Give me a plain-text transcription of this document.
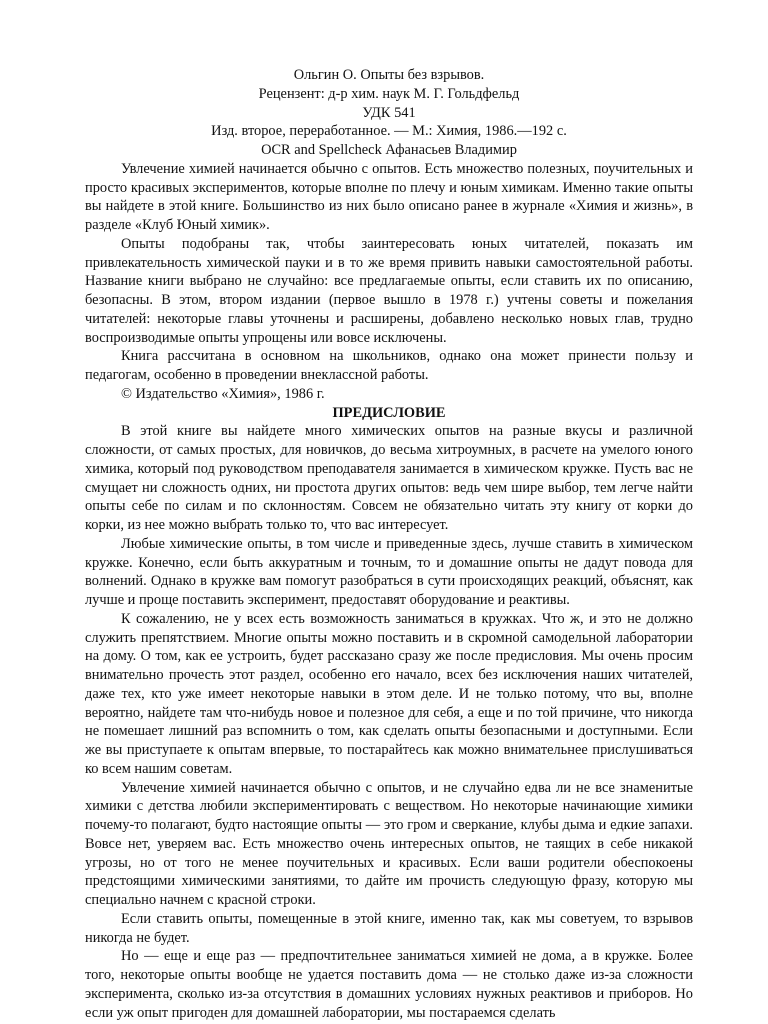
Ольгин О. Опыты без взрывов.

Рецензент: д-р хим. наук М. Г. Гольдфельд

УДК 541

Изд. второе, переработанное. — М.: Химия, 1986.—192 с.

OCR and Spellcheck Афанасьев Владимир

Увлечение химией начинается обычно с опытов. Есть множество полезных, поучительных и просто красивых экспериментов, которые вполне по плечу и юным химикам. Именно такие опыты вы найдете в этой книге. Большинство из них было описано ранее в журнале «Химия и жизнь», в разделе «Клуб Юный химик».

Опыты подобраны так, чтобы заинтересовать юных читателей, показать им привлекательность химической пауки и в то же время привить навыки самостоятельной работы. Название книги выбрано не случайно: все предлагаемые опыты, если ставить их по описанию, безопасны. В этом, втором издании (первое вышло в 1978 г.) учтены советы и пожелания читателей: некоторые главы уточнены и расширены, добавлено несколько новых глав, трудно воспроизводимые опыты упрощены или вовсе исключены.

Книга рассчитана в основном на школьников, однако она может принести пользу и педагогам, особенно в проведении внеклассной работы.

© Издательство «Химия», 1986 г.

ПРЕДИСЛОВИЕ

В этой книге вы найдете много химических опытов на разные вкусы и различной сложности, от самых простых, для новичков, до весьма хитроумных, в расчете на умелого юного химика, который под руководством преподавателя занимается в химическом кружке. Пусть вас не смущает ни сложность одних, ни простота других опытов: ведь чем шире выбор, тем легче найти опыты себе по силам и по склонностям. Совсем не обязательно читать эту книгу от корки до корки, из нее можно выбрать только то, что вас интересует.

Любые химические опыты, в том числе и приведенные здесь, лучше ставить в химическом кружке. Конечно, если быть аккуратным и точным, то и домашние опыты не дадут повода для волнений. Однако в кружке вам помогут разобраться в сути происходящих реакций, объяснят, как лучше и проще поставить эксперимент, предоставят оборудование и реактивы.

К сожалению, не у всех есть возможность заниматься в кружках. Что ж, и это не должно служить препятствием. Многие опыты можно поставить и в скромной самодельной лаборатории на дому. О том, как ее устроить, будет рассказано сразу же после предисловия. Мы очень просим внимательно прочесть этот раздел, особенно его начало, всех без исключения наших читателей, даже тех, кто уже имеет некоторые навыки в этом деле. И не только потому, что вы, вполне вероятно, найдете там что-нибудь новое и полезное для себя, а еще и по той причине, что никогда не помешает лишний раз вспомнить о том, как сделать опыты безопасными и доступными. Если же вы приступаете к опытам впервые, то постарайтесь как можно внимательнее прислушиваться ко всем нашим советам.

Увлечение химией начинается обычно с опытов, и не случайно едва ли не все знаменитые химики с детства любили экспериментировать с веществом. Но некоторые начинающие химики почему-то полагают, будто настоящие опыты — это гром и сверкание, клубы дыма и едкие запахи. Вовсе нет, уверяем вас. Есть множество очень интересных опытов, не таящих в себе никакой угрозы, но от того не менее поучительных и красивых. Если ваши родители обеспокоены предстоящими химическими занятиями, то дайте им прочисть следующую фразу, которую мы специально начнем с красной строки.

Если ставить опыты, помещенные в этой книге, именно так, как мы советуем, то взрывов никогда не будет.

Но — еще и еще раз — предпочтительнее заниматься химией не дома, а в кружке. Более того, некоторые опыты вообще не удается поставить дома — не столько даже из-за сложности эксперимента, сколько из-за отсутствия в домашних условиях нужных реактивов и приборов. Но если уж опыт пригоден для домашней лаборатории, мы постараемся сделать
